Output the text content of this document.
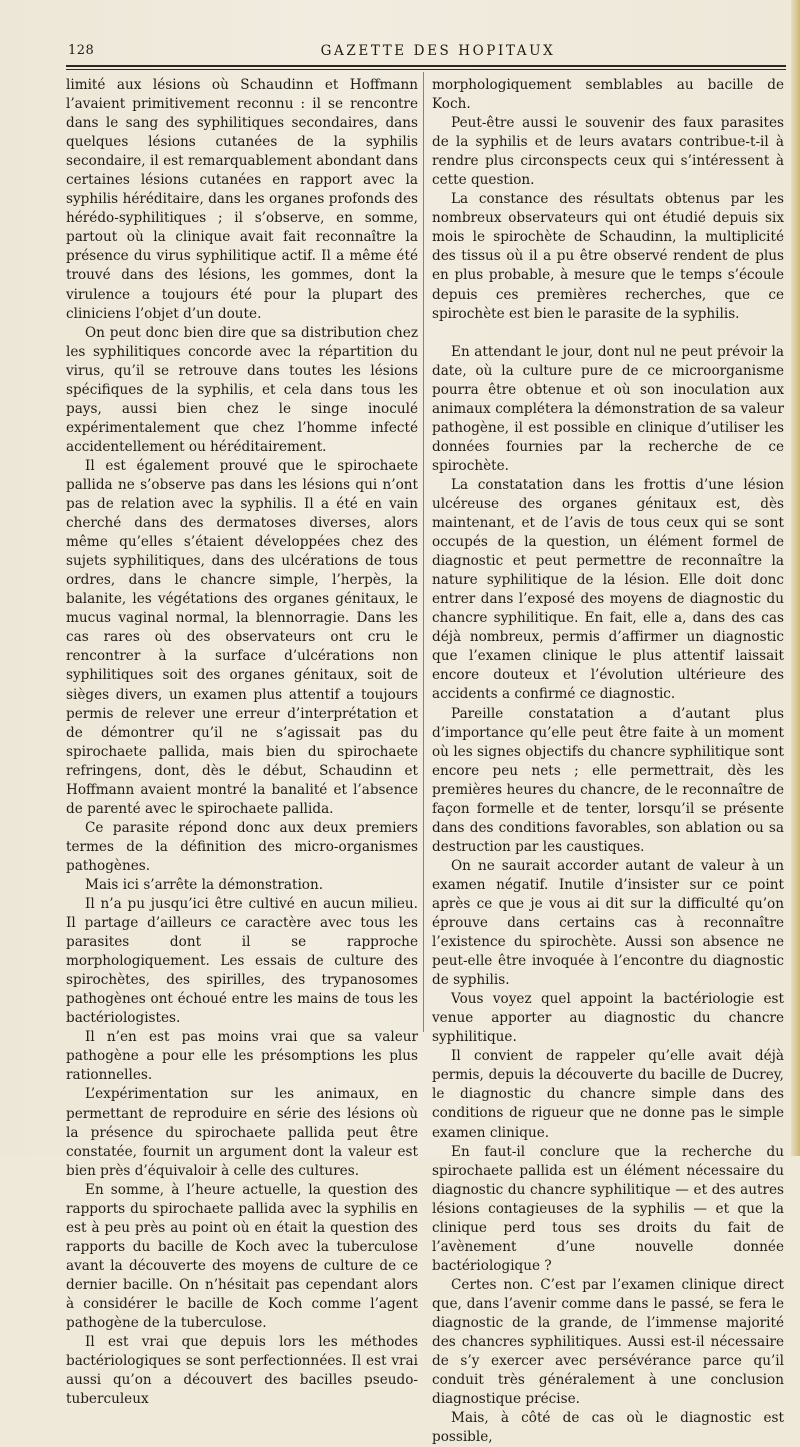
128	GAZETTE DES HOPITAUX

limité aux lésions où Schaudinn et Hoffmann l’avaient primitivement reconnu : il se rencontre dans le sang des syphilitiques secondaires, dans quelques lésions cutanées de la syphilis secondaire, il est remarquablement abondant dans certaines lésions cutanées en rapport avec la syphilis héréditaire, dans les organes profonds des hérédo-syphilitiques ; il s’observe, en somme, partout où la clinique avait fait reconnaître la présence du virus syphilitique actif. Il a même été trouvé dans des lésions, les gommes, dont la virulence a toujours été pour la plupart des cliniciens l’objet d’un doute.

On peut donc bien dire que sa distribution chez les syphilitiques concorde avec la répartition du virus, qu’il se retrouve dans toutes les lésions spécifiques de la syphilis, et cela dans tous les pays, aussi bien chez le singe inoculé expérimentalement que chez l’homme infecté accidentellement ou héréditairement.

Il est également prouvé que le spirochaete pallida ne s’observe pas dans les lésions qui n’ont pas de relation avec la syphilis. Il a été en vain cherché dans des dermatoses diverses, alors même qu’elles s’étaient développées chez des sujets syphilitiques, dans des ulcérations de tous ordres, dans le chancre simple, l’herpès, la balanite, les végétations des organes génitaux, le mucus vaginal normal, la blennorragie. Dans les cas rares où des observateurs ont cru le rencontrer à la surface d’ulcérations non syphilitiques soit des organes génitaux, soit de sièges divers, un examen plus attentif a toujours permis de relever une erreur d’interprétation et de démontrer qu’il ne s’agissait pas du spirochaete pallida, mais bien du spirochaete refringens, dont, dès le début, Schaudinn et Hoffmann avaient montré la banalité et l’absence de parenté avec le spirochaete pallida.

Ce parasite répond donc aux deux premiers termes de la définition des micro-organismes pathogènes.

Mais ici s’arrête la démonstration.

Il n’a pu jusqu’ici être cultivé en aucun milieu. Il partage d’ailleurs ce caractère avec tous les parasites dont il se rapproche morphologiquement. Les essais de culture des spirochètes, des spirilles, des trypanosomes pathogènes ont échoué entre les mains de tous les bactériologistes.

Il n’en est pas moins vrai que sa valeur pathogène a pour elle les présomptions les plus rationnelles.

L’expérimentation sur les animaux, en permettant de reproduire en série des lésions où la présence du spirochaete pallida peut être constatée, fournit un argument dont la valeur est bien près d’équivaloir à celle des cultures.

En somme, à l’heure actuelle, la question des rapports du spirochaete pallida avec la syphilis en est à peu près au point où en était la question des rapports du bacille de Koch avec la tuberculose avant la découverte des moyens de culture de ce dernier bacille. On n’hésitait pas cependant alors à considérer le bacille de Koch comme l’agent pathogène de la tuberculose.

Il est vrai que depuis lors les méthodes bactériologiques se sont perfectionnées. Il est vrai aussi qu’on a découvert des bacilles pseudo-tuberculeux

morphologiquement semblables au bacille de Koch.

Peut-être aussi le souvenir des faux parasites de la syphilis et de leurs avatars contribue-t-il à rendre plus circonspects ceux qui s’intéressent à cette question.

La constance des résultats obtenus par les nombreux observateurs qui ont étudié depuis six mois le spirochète de Schaudinn, la multiplicité des tissus où il a pu être observé rendent de plus en plus probable, à mesure que le temps s’écoule depuis ces premières recherches, que ce spirochète est bien le parasite de la syphilis.

En attendant le jour, dont nul ne peut prévoir la date, où la culture pure de ce microorganisme pourra être obtenue et où son inoculation aux animaux complétera la démonstration de sa valeur pathogène, il est possible en clinique d’utiliser les données fournies par la recherche de ce spirochète.

La constatation dans les frottis d’une lésion ulcéreuse des organes génitaux est, dès maintenant, et de l’avis de tous ceux qui se sont occupés de la question, un élément formel de diagnostic et peut permettre de reconnaître la nature syphilitique de la lésion. Elle doit donc entrer dans l’exposé des moyens de diagnostic du chancre syphilitique. En fait, elle a, dans des cas déjà nombreux, permis d’affirmer un diagnostic que l’examen clinique le plus attentif laissait encore douteux et l’évolution ultérieure des accidents a confirmé ce diagnostic.

Pareille constatation a d’autant plus d’importance qu’elle peut être faite à un moment où les signes objectifs du chancre syphilitique sont encore peu nets ; elle permettrait, dès les premières heures du chancre, de le reconnaître de façon formelle et de tenter, lorsqu’il se présente dans des conditions favorables, son ablation ou sa destruction par les caustiques.

On ne saurait accorder autant de valeur à un examen négatif. Inutile d’insister sur ce point après ce que je vous ai dit sur la difficulté qu’on éprouve dans certains cas à reconnaître l’existence du spirochète. Aussi son absence ne peut-elle être invoquée à l’encontre du diagnostic de syphilis.

Vous voyez quel appoint la bactériologie est venue apporter au diagnostic du chancre syphilitique.

Il convient de rappeler qu’elle avait déjà permis, depuis la découverte du bacille de Ducrey, le diagnostic du chancre simple dans des conditions de rigueur que ne donne pas le simple examen clinique.

En faut-il conclure que la recherche du spirochaete pallida est un élément nécessaire du diagnostic du chancre syphilitique — et des autres lésions contagieuses de la syphilis — et que la clinique perd tous ses droits du fait de l’avènement d’une nouvelle donnée bactériologique ?

Certes non. C’est par l’examen clinique direct que, dans l’avenir comme dans le passé, se fera le diagnostic de la grande, de l’immense majorité des chancres syphilitiques. Aussi est-il nécessaire de s’y exercer avec persévérance parce qu’il conduit très généralement à une conclusion diagnostique précise.

Mais, à côté de cas où le diagnostic est possible,
